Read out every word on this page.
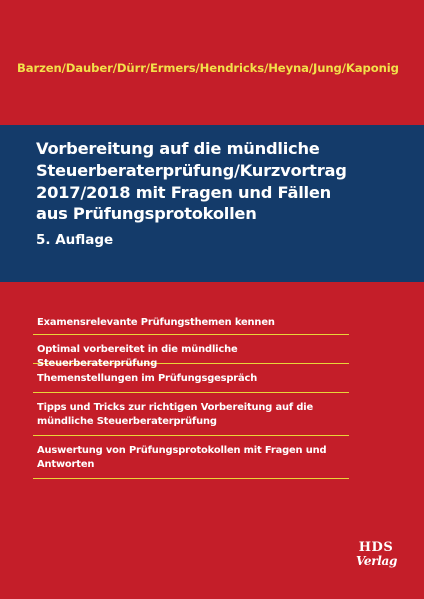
Barzen/Dauber/Dürr/Ermers/Hendricks/Heyna/Jung/Kaponig
Vorbereitung auf die mündliche
Steuerberaterprüfung/Kurzvortrag
2017/2018 mit Fragen und Fällen
aus Prüfungsprotokollen
5. Auflage
Examensrelevante Prüfungsthemen kennen
Optimal vorbereitet in die mündliche Steuerberaterprüfung
Themenstellungen im Prüfungsgespräch
Tipps und Tricks zur richtigen Vorbereitung auf die mündliche Steuerberaterprüfung
Auswertung von Prüfungsprotokollen mit Fragen und Antworten
HDS
Verlag
